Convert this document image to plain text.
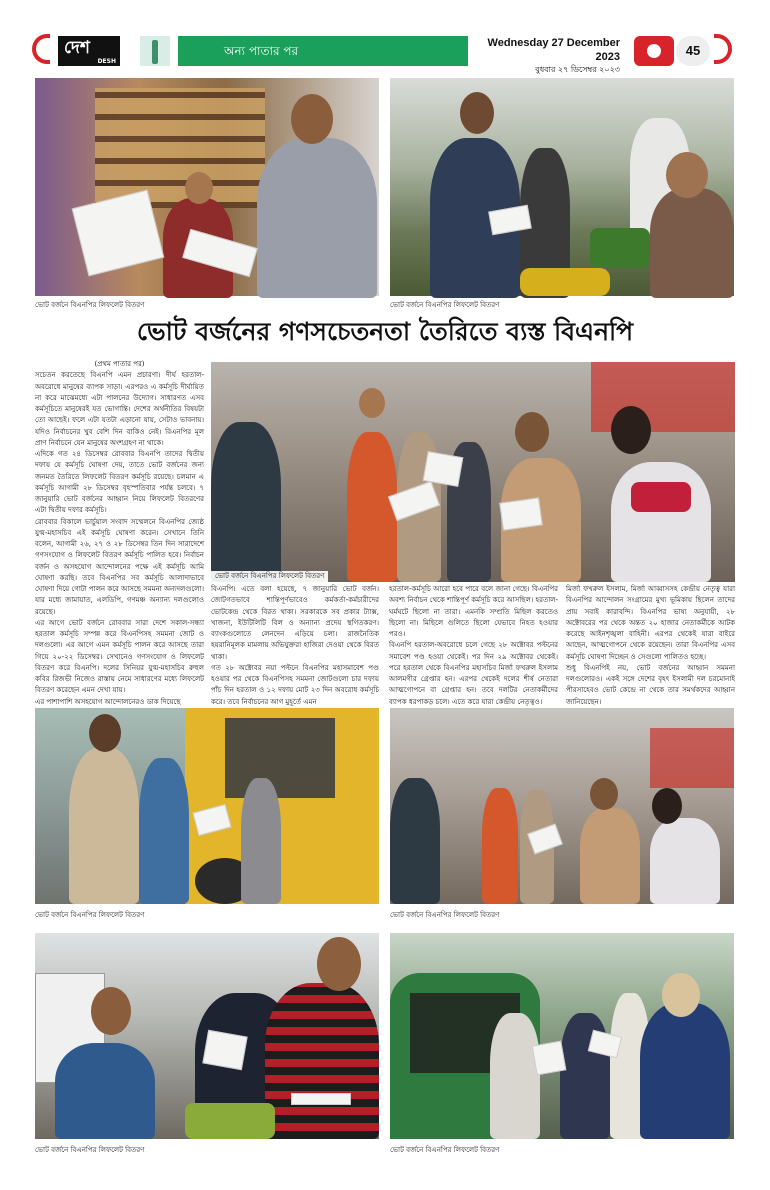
দেশ
DESH
অন্য পাতার পর
Wednesday 27 December 2023
বুধবার ২৭ ডিসেম্বর ২০২৩
45
ভোট বর্জনে বিএনপির লিফলেট বিতরণ	ভোট বর্জনে বিএনপির লিফলেট বিতরণ
ভোট বর্জনের গণসচেতনতা তৈরিতে ব্যস্ত বিএনপি

(প্রথম পাতার পর)

সচেতন করতেছে বিএনপি এমন প্রচারণা। দীর্ঘ হরতাল-অবরোধে মানুষের ব্যাপক সাড়া। এরপরও এ কর্মসূচি দীর্ঘায়িত না করে মাঝেমধ্যে এটা পালনের উদ্যোগ। সাধারণত এসব কর্মসূচিতে মানুষেরই যত ভোগান্তি। দেশের অর্থনীতির বিষয়টা তো আছেই। ফলে এটা যতটা এড়ানো যায়, সেটাও ভাবনায়। যদিও নির্বাচনের খুব বেশি দিন বাকিও নেই। বিএনপির মূল প্রাণ নির্বাচনে যেন মানুষের অংশগ্রহণ না থাকে।

এদিকে গত ২৪ ডিসেম্বর রোববার বিএনপি তাদের দ্বিতীয় দফায় যে কর্মসূচি ঘোষণা দেয়, তাতে ভোট বর্জনের জন্য জনমত তৈরিতে লিফলেট বিতরণ কর্মসূচি রয়েছে। চলমান এ কর্মসূচি আগামী ২৮ ডিসেম্বর বৃহস্পতিবার পর্যন্ত চলবে। ৭ জানুয়ারি ভোট বর্জনের আহ্বান নিয়ে লিফলেট বিতরণের এটা দ্বিতীয় দফার কর্মসূচি।

রোববার বিকালে ভার্চুয়াল সংবাদ সম্মেলনে বিএনপির জ্যেষ্ঠ যুগ্ম-মহাসচিব এই কর্মসূচি ঘোষণা করেন। সেখানে তিনি বলেন, আগামী ২৬, ২৭ ও ২৮ ডিসেম্বর তিন দিন সারাদেশে গণসংযোগ ও লিফলেট বিতরণ কর্মসূচি পালিত হবে। নির্বাচন বর্জন ও অসহযোগ আন্দোলনের পক্ষে এই কর্মসূচি আমি ঘোষণা করছি। তবে বিএনপির সব কর্মসূচি আলাদাভাবে ঘোষণা দিয়ে গোটা পালন করে আসছে সমমনা অন্যদলগুলো। যার মধ্যে জামায়াত, এলডিপি, গণমঞ্চ অন্যান্য দলগুলোও রয়েছে।

এর আগে ভোট বর্জনে রোববার সারা দেশে সকাল-সন্ধ্যা হরতাল কর্মসূচি সম্পন্ন করে বিএনপিসহ সমমনা জোট ও দলগুলো। এর আগে এমন কর্মসূচি পালন করে আসছে তারা গিয়ে ২০-২২ ডিসেম্বর। সেখানেও গণসংযোগ ও লিফলেট বিতরণ করে বিএনপি। দলের সিনিয়র যুগ্ম-মহাসচিব রুহুল কবির রিজভী নিজেও রাস্তায় নেমে সাধারণের মধ্যে লিফলেট বিতরণ করেছেন এমন দেখা যায়।

এর পাশাপাশি অসহযোগ আন্দোলনেরও ডাক দিয়েছে

ভোট বর্জনে বিএনপির লিফলেট বিতরণ

বিএনপি। এতে বলা হয়েছে, ৭ জানুয়ারি ভোট বর্জন। জোটগতভাবে শান্তিপূর্ণভাবেও কর্মকর্তা-কর্মচারীদের ভোটকেন্দ্র থেকে বিরত থাকা। সরকারকে সব প্রকার ট্যাক্স, খাজনা, ইউটিলিটি বিল ও অন্যান্য প্রদেয় স্থগিতকরণ। ব্যাংকগুলোতে লেনদেন এড়িয়ে চলা। রাজনৈতিক হয়রানিমূলক মামলায় অভিযুক্তরা হাজিরা দেওয়া থেকে বিরত থাকা।

গত ২৮ অক্টোবর নয়া পল্টনে বিএনপির মহাসমাবেশ পণ্ড হওয়ার পর থেকে বিএনপিসহ সমমনা জোটগুলো চার দফায় পাঁচ দিন হরতাল ও ১২ দফায় মোট ২৩ দিন অবরোধ কর্মসূচি করে। তবে নির্বাচনের আগ মুহূর্তে এমন

হরতাল-কর্মসূচি আরো হবে পারে বলে জানা গেছে। বিএনপির অবশ্য নির্বাচন থেকে শান্তিপূর্ণ কর্মসূচি করে আসছিল। হরতাল-ঘর্মঘটে ছিলো না তারা। এমনকি সম্প্রতি মিছিল করতেও ছিলো না। মিছিলে গুলিতে ছিলো যেভাবে নিহত হওয়ার পরও।

বিএনপি হরতাল-অবরোধে চলে গেছে ২৮ অক্টোবর পল্টনের সমাবেশ পণ্ড হওয়া থেকেই। পর দিন ২৯ অক্টোবর থেকেই। পরে হরতাল থেকে বিএনপির মহাসচিব মির্জা ফখরুল ইসলাম আলমগীর গ্রেপ্তার হন। এরপর থেকেই দলের শীর্ষ নেতারা আত্মগোপনে বা গ্রেপ্তার হন। তবে দলটির নেতাকর্মীদের ব্যাপক ধরপাকড় চলে। এতে করে যারা কেন্দ্রীয় নেতৃত্বও।

মির্জা ফখরুল ইসলাম, মির্জা আব্বাসসহ কেন্দ্রীয় নেতৃত্ব যারা বিএনপির আন্দোলন সংগ্রামের মুখ্য ভূমিকায় ছিলেন তাদের প্রায় সবাই কারাবন্দি। বিএনপির ভাষ্য অনুযায়ী, ২৮ অক্টোবরের পর থেকে অন্তত ২০ হাজার নেতাকর্মীকে আটক করেছে আইনশৃঙ্খলা বাহিনী। এরপর থেকেই যারা বাইরে আছেন, আত্মগোপনে থেকে রয়েছেন। তারা বিএনপির এসব কর্মসূচি ঘোষণা দিচ্ছেন ও সেগুলো পালিতও হচ্ছে।

শুধু বিএনপিই নয়, ভোট বর্জনের আহ্বান সমমনা দলগুলোরও। একই সঙ্গে দেশের বৃহৎ ইসলামী দল চরমোনাই পীরসাহেবও ভোট কেন্দ্রে না থেকে তার সমর্থকদের আহ্বান জানিয়েছেন।

ভোট বর্জনে বিএনপির লিফলেট বিতরণ	ভোট বর্জনে বিএনপির লিফলেট বিতরণ
ভোট বর্জনে বিএনপির লিফলেট বিতরণ	ভোট বর্জনে বিএনপির লিফলেট বিতরণ
